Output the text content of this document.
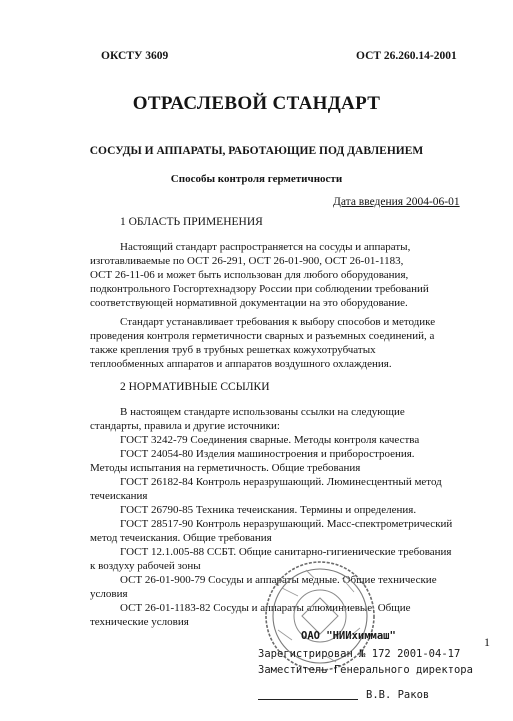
ОКСТУ 3609	ОСТ 26.260.14-2001
ОТРАСЛЕВОЙ СТАНДАРТ
СОСУДЫ И АППАРАТЫ, РАБОТАЮЩИЕ ПОД ДАВЛЕНИЕМ
Способы контроля герметичности
Дата введения 2004-06-01
1 ОБЛАСТЬ ПРИМЕНЕНИЯ
Настоящий стандарт распространяется на сосуды и аппараты,
изготавливаемые по ОСТ 26-291, ОСТ 26-01-900, ОСТ 26-01-1183,
ОСТ 26-11-06 и может быть использован для любого оборудования,
подконтрольного Госгортехнадзору России при соблюдении требований
соответствующей нормативной документации на это оборудование.
Стандарт устанавливает требования к выбору способов и методике
проведения контроля герметичности сварных и разъемных соединений, а
также крепления труб в трубных решетках кожухотрубчатых
теплообменных аппаратов и аппаратов воздушного охлаждения.
2 НОРМАТИВНЫЕ ССЫЛКИ
В настоящем стандарте использованы ссылки на следующие
стандарты, правила и другие источники:
ГОСТ 3242-79 Соединения сварные. Методы контроля качества
ГОСТ 24054-80 Изделия машиностроения и приборостроения.
Методы испытания на герметичность. Общие требования
ГОСТ 26182-84 Контроль неразрушающий. Люминесцентный метод
течеискания
ГОСТ 26790-85 Техника течеискания. Термины и определения.
ГОСТ 28517-90 Контроль неразрушающий. Масс-спектрометрический
метод течеискания. Общие требования
ГОСТ 12.1.005-88 ССБТ. Общие санитарно-гигиенические требования
к воздуху рабочей зоны
ОСТ 26-01-900-79 Сосуды и аппараты медные. Общие технические
условия
ОСТ 26-01-1183-82 Сосуды и аппараты алюминиевые. Общие
технические условия
ОАО "НИИхиммаш"
Зарегистрирован № 172 2001-04-17
Заместитель Генерального директора
В.В. Раков
1
